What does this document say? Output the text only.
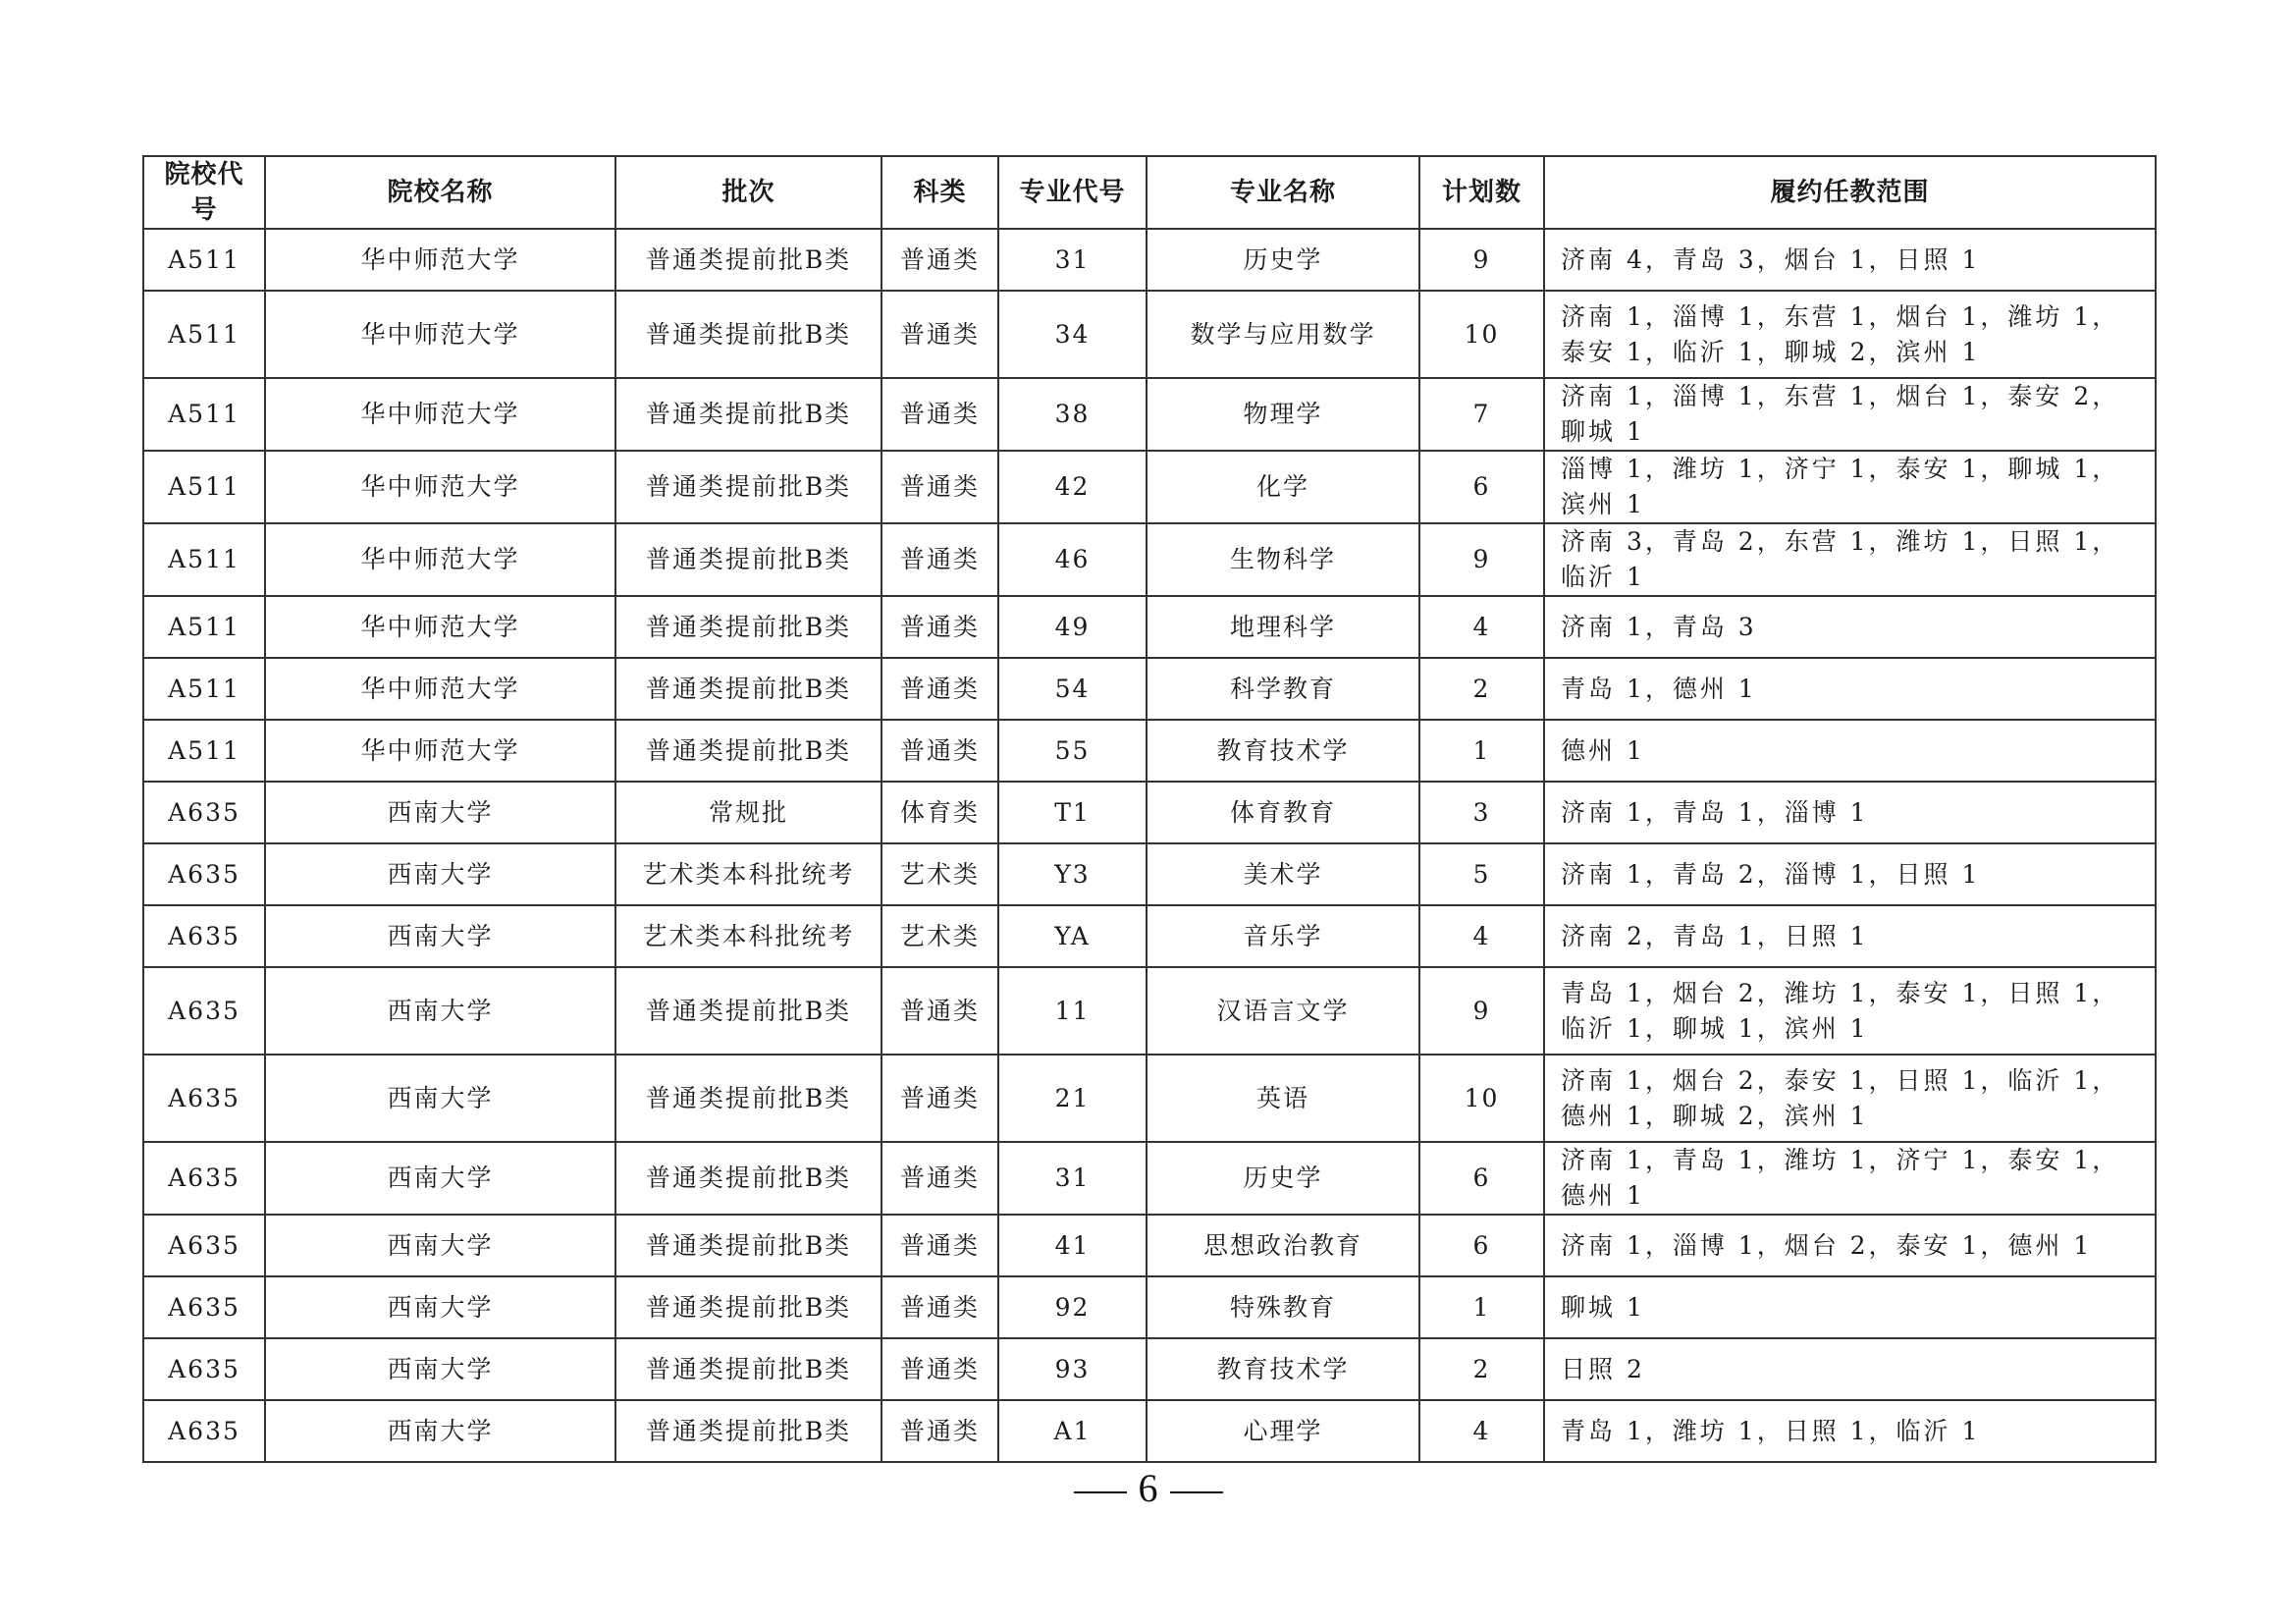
院校代号	院校名称	批次	科类	专业代号	专业名称	计划数	履约任教范围
A511	华中师范大学	普通类提前批B类	普通类	31	历史学	9	济南 4，青岛 3，烟台 1，日照 1
A511	华中师范大学	普通类提前批B类	普通类	34	数学与应用数学	10	济南 1，淄博 1，东营 1，烟台 1，潍坊 1，泰安 1，临沂 1，聊城 2，滨州 1
A511	华中师范大学	普通类提前批B类	普通类	38	物理学	7	济南 1，淄博 1，东营 1，烟台 1，泰安 2，聊城 1
A511	华中师范大学	普通类提前批B类	普通类	42	化学	6	淄博 1，潍坊 1，济宁 1，泰安 1，聊城 1，滨州 1
A511	华中师范大学	普通类提前批B类	普通类	46	生物科学	9	济南 3，青岛 2，东营 1，潍坊 1，日照 1，临沂 1
A511	华中师范大学	普通类提前批B类	普通类	49	地理科学	4	济南 1，青岛 3
A511	华中师范大学	普通类提前批B类	普通类	54	科学教育	2	青岛 1，德州 1
A511	华中师范大学	普通类提前批B类	普通类	55	教育技术学	1	德州 1
A635	西南大学	常规批	体育类	T1	体育教育	3	济南 1，青岛 1，淄博 1
A635	西南大学	艺术类本科批统考	艺术类	Y3	美术学	5	济南 1，青岛 2，淄博 1，日照 1
A635	西南大学	艺术类本科批统考	艺术类	YA	音乐学	4	济南 2，青岛 1，日照 1
A635	西南大学	普通类提前批B类	普通类	11	汉语言文学	9	青岛 1，烟台 2，潍坊 1，泰安 1，日照 1，临沂 1，聊城 1，滨州 1
A635	西南大学	普通类提前批B类	普通类	21	英语	10	济南 1，烟台 2，泰安 1，日照 1，临沂 1，德州 1，聊城 2，滨州 1
A635	西南大学	普通类提前批B类	普通类	31	历史学	6	济南 1，青岛 1，潍坊 1，济宁 1，泰安 1，德州 1
A635	西南大学	普通类提前批B类	普通类	41	思想政治教育	6	济南 1，淄博 1，烟台 2，泰安 1，德州 1
A635	西南大学	普通类提前批B类	普通类	92	特殊教育	1	聊城 1
A635	西南大学	普通类提前批B类	普通类	93	教育技术学	2	日照 2
A635	西南大学	普通类提前批B类	普通类	A1	心理学	4	青岛 1，潍坊 1，日照 1，临沂 1
6
